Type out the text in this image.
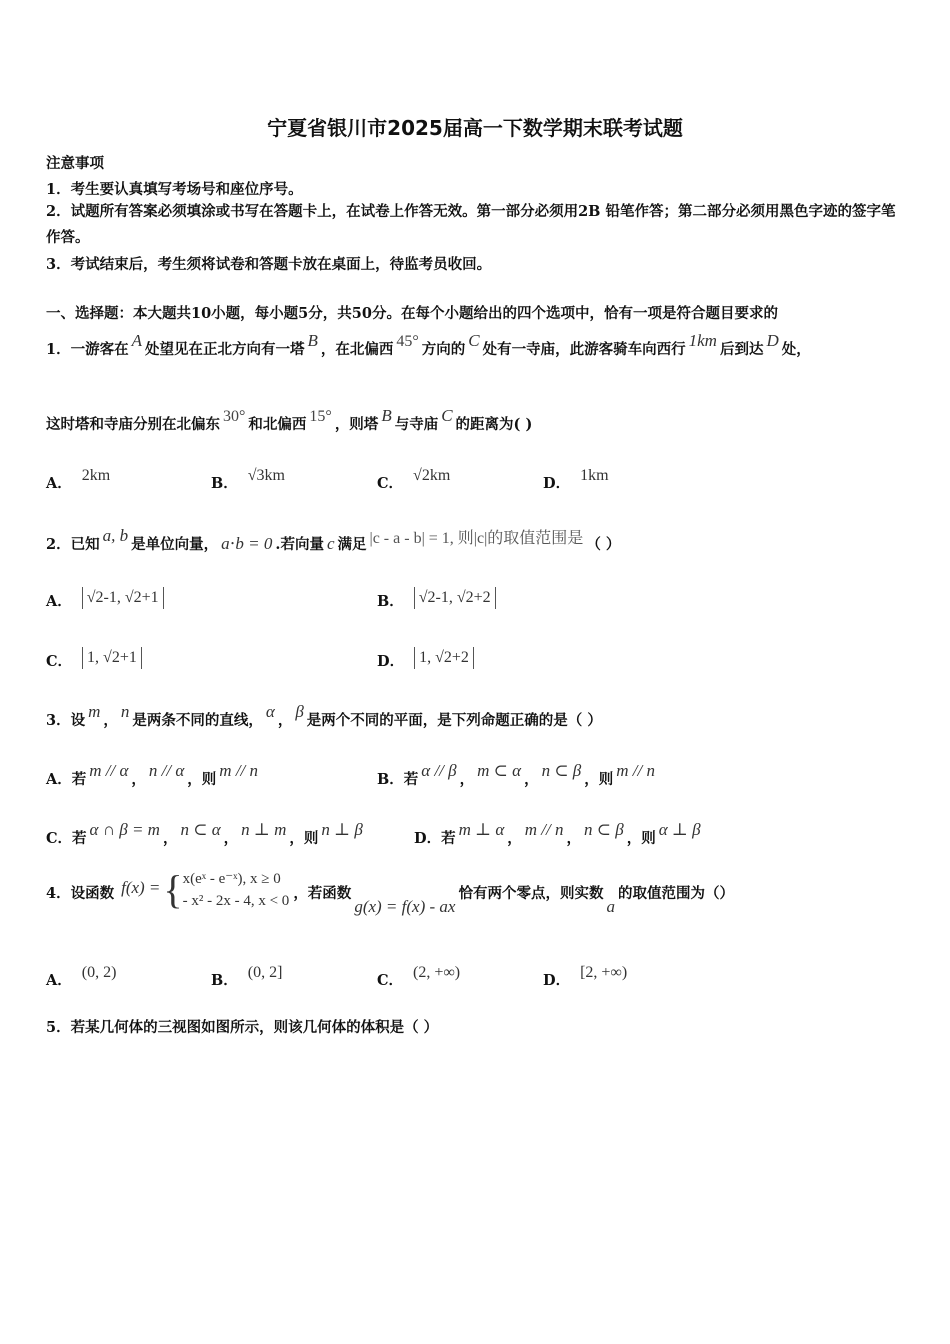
宁夏省银川市2025届高一下数学期末联考试题
注意事项
1．考生要认真填写考场号和座位序号。
2．试题所有答案必须填涂或书写在答题卡上，在试卷上作答无效。第一部分必须用2B 铅笔作答；第二部分必须用黑色字迹的签字笔作答。
3．考试结束后，考生须将试卷和答题卡放在桌面上，待监考员收回。
一、选择题：本大题共10小题，每小题5分，共50分。在每个小题给出的四个选项中，恰有一项是符合题目要求的
1．一游客在 A 处望见在正北方向有一塔 B ，在北偏西 45° 方向的 C 处有一寺庙，此游客骑车向西行 1km 后到达 D 处，
这时塔和寺庙分别在北偏东 30° 和北偏西 15° ，则塔 B 与寺庙 C 的距离为( )
A． 2km	B． √3km	C． √2km	D． 1km
2．已知 a, b 是单位向量， a⋅b = 0 .若向量 c 满足 |c - a - b| = 1, 则|c|的取值范围是 （ ）
A． √2-1, √2+1	B． √2-1, √2+2
C． 1, √2+1	D． 1, √2+2
3．设 m ， n 是两条不同的直线， α ， β 是两个不同的平面，是下列命题正确的是（ ）
A．若 m // α ， n // α ，则 m // n	B．若 α // β ， m ⊂ α ， n ⊂ β ，则 m // n
C．若 α ∩ β = m ， n ⊂ α ， n ⊥ m ，则 n ⊥ β	D．若 m ⊥ α ， m // n ， n ⊂ β ，则 α ⊥ β
4．设函数 f(x) ={ x(eˣ - e⁻ˣ), x ≥ 0
- x² - 2x - 4, x < 0 ，若函数g(x) = f(x) - ax恰有两个零点，则实数a的取值范围为（）
A． (0, 2)	B． (0, 2]	C． (2, +∞)	D． [2, +∞)
5．若某几何体的三视图如图所示，则该几何体的体积是（ ）
